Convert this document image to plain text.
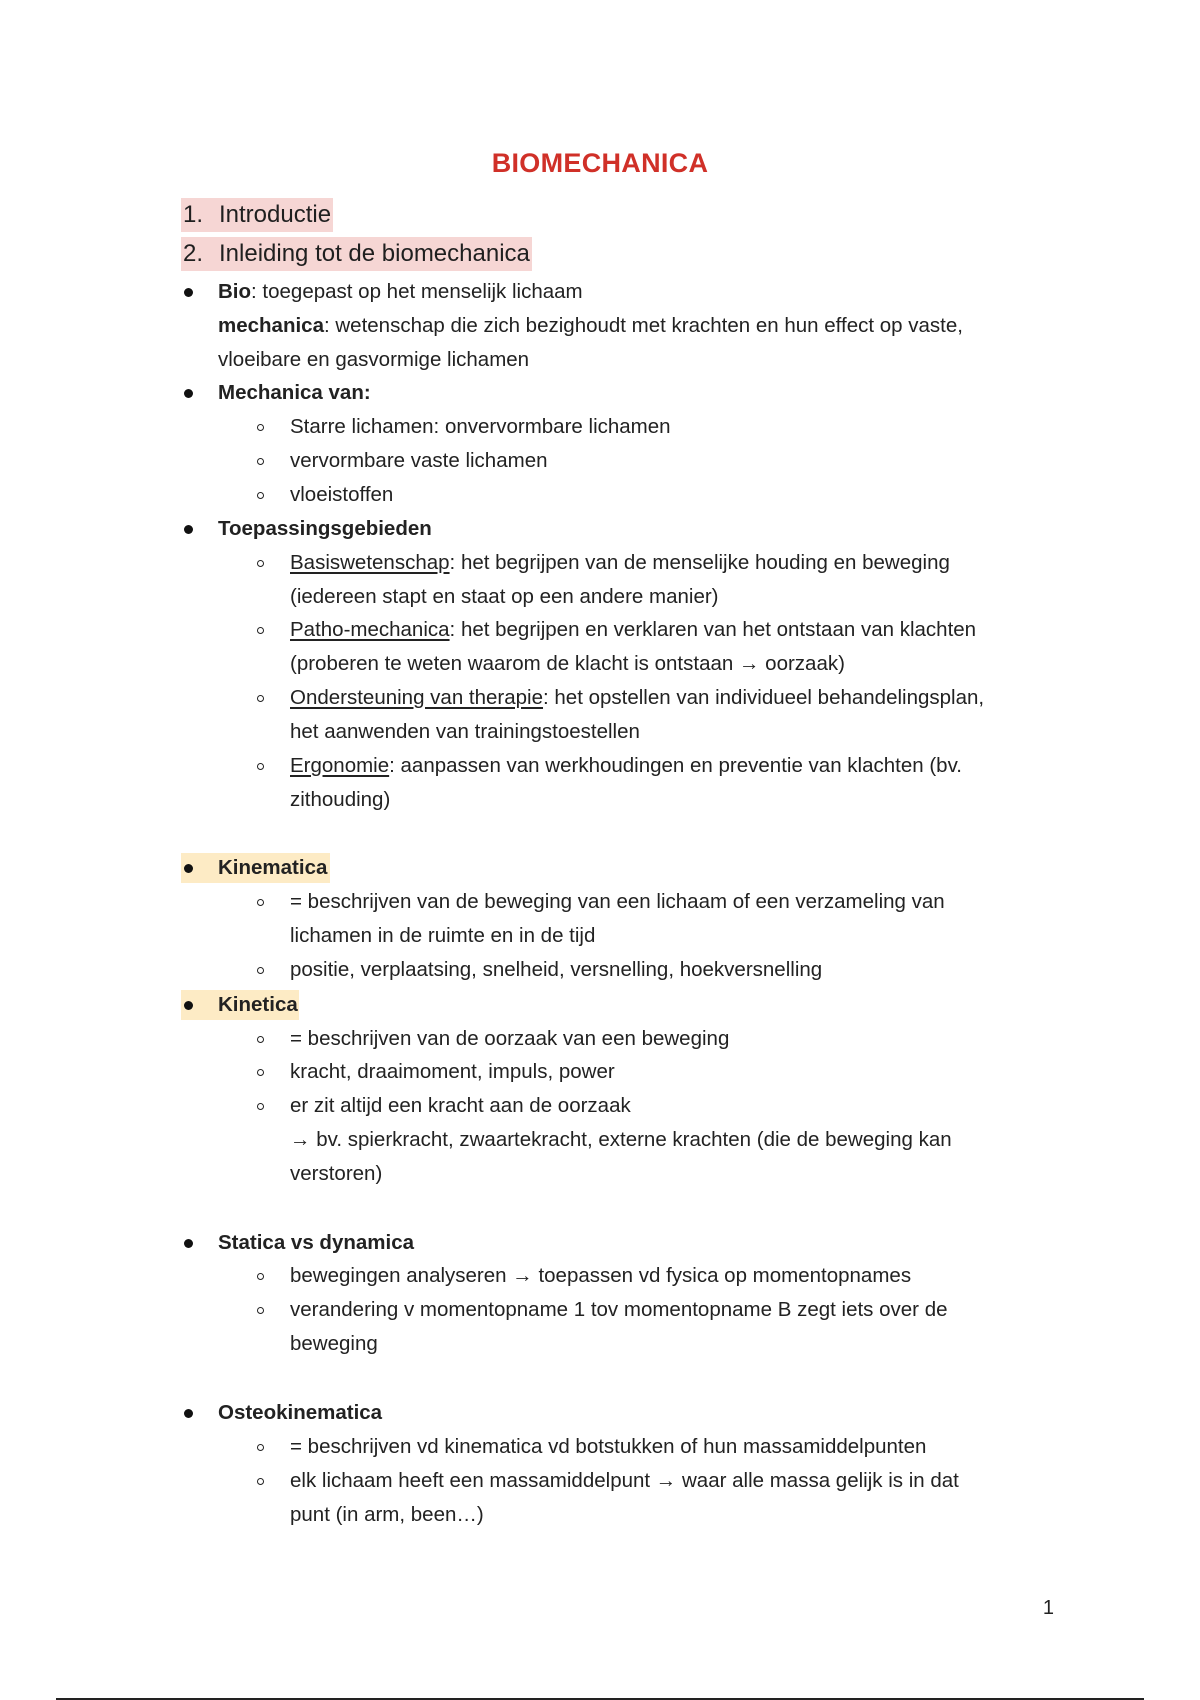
BIOMECHANICA
1. Introductie
2. Inleiding tot de biomechanica
Bio: toegepast op het menselijk lichaam
mechanica: wetenschap die zich bezighoudt met krachten en hun effect op vaste,
vloeibare en gasvormige lichamen
Mechanica van:
Starre lichamen: onvervormbare lichamen
vervormbare vaste lichamen
vloeistoffen
Toepassingsgebieden
Basiswetenschap: het begrijpen van de menselijke houding en beweging
(iedereen stapt en staat op een andere manier)
Patho-mechanica: het begrijpen en verklaren van het ontstaan van klachten
(proberen te weten waarom de klacht is ontstaan → oorzaak)
Ondersteuning van therapie: het opstellen van individueel behandelingsplan,
het aanwenden van trainingstoestellen
Ergonomie: aanpassen van werkhoudingen en preventie van klachten (bv.
zithouding)
Kinematica
= beschrijven van de beweging van een lichaam of een verzameling van
lichamen in de ruimte en in de tijd
positie, verplaatsing, snelheid, versnelling, hoekversnelling
Kinetica
= beschrijven van de oorzaak van een beweging
kracht, draaimoment, impuls, power
er zit altijd een kracht aan de oorzaak
→ bv. spierkracht, zwaartekracht, externe krachten (die de beweging kan
verstoren)
Statica vs dynamica
bewegingen analyseren → toepassen vd fysica op momentopnames
verandering v momentopname 1 tov momentopname B zegt iets over de
beweging
Osteokinematica
= beschrijven vd kinematica vd botstukken of hun massamiddelpunten
elk lichaam heeft een massamiddelpunt → waar alle massa gelijk is in dat
punt (in arm, been…)
1
